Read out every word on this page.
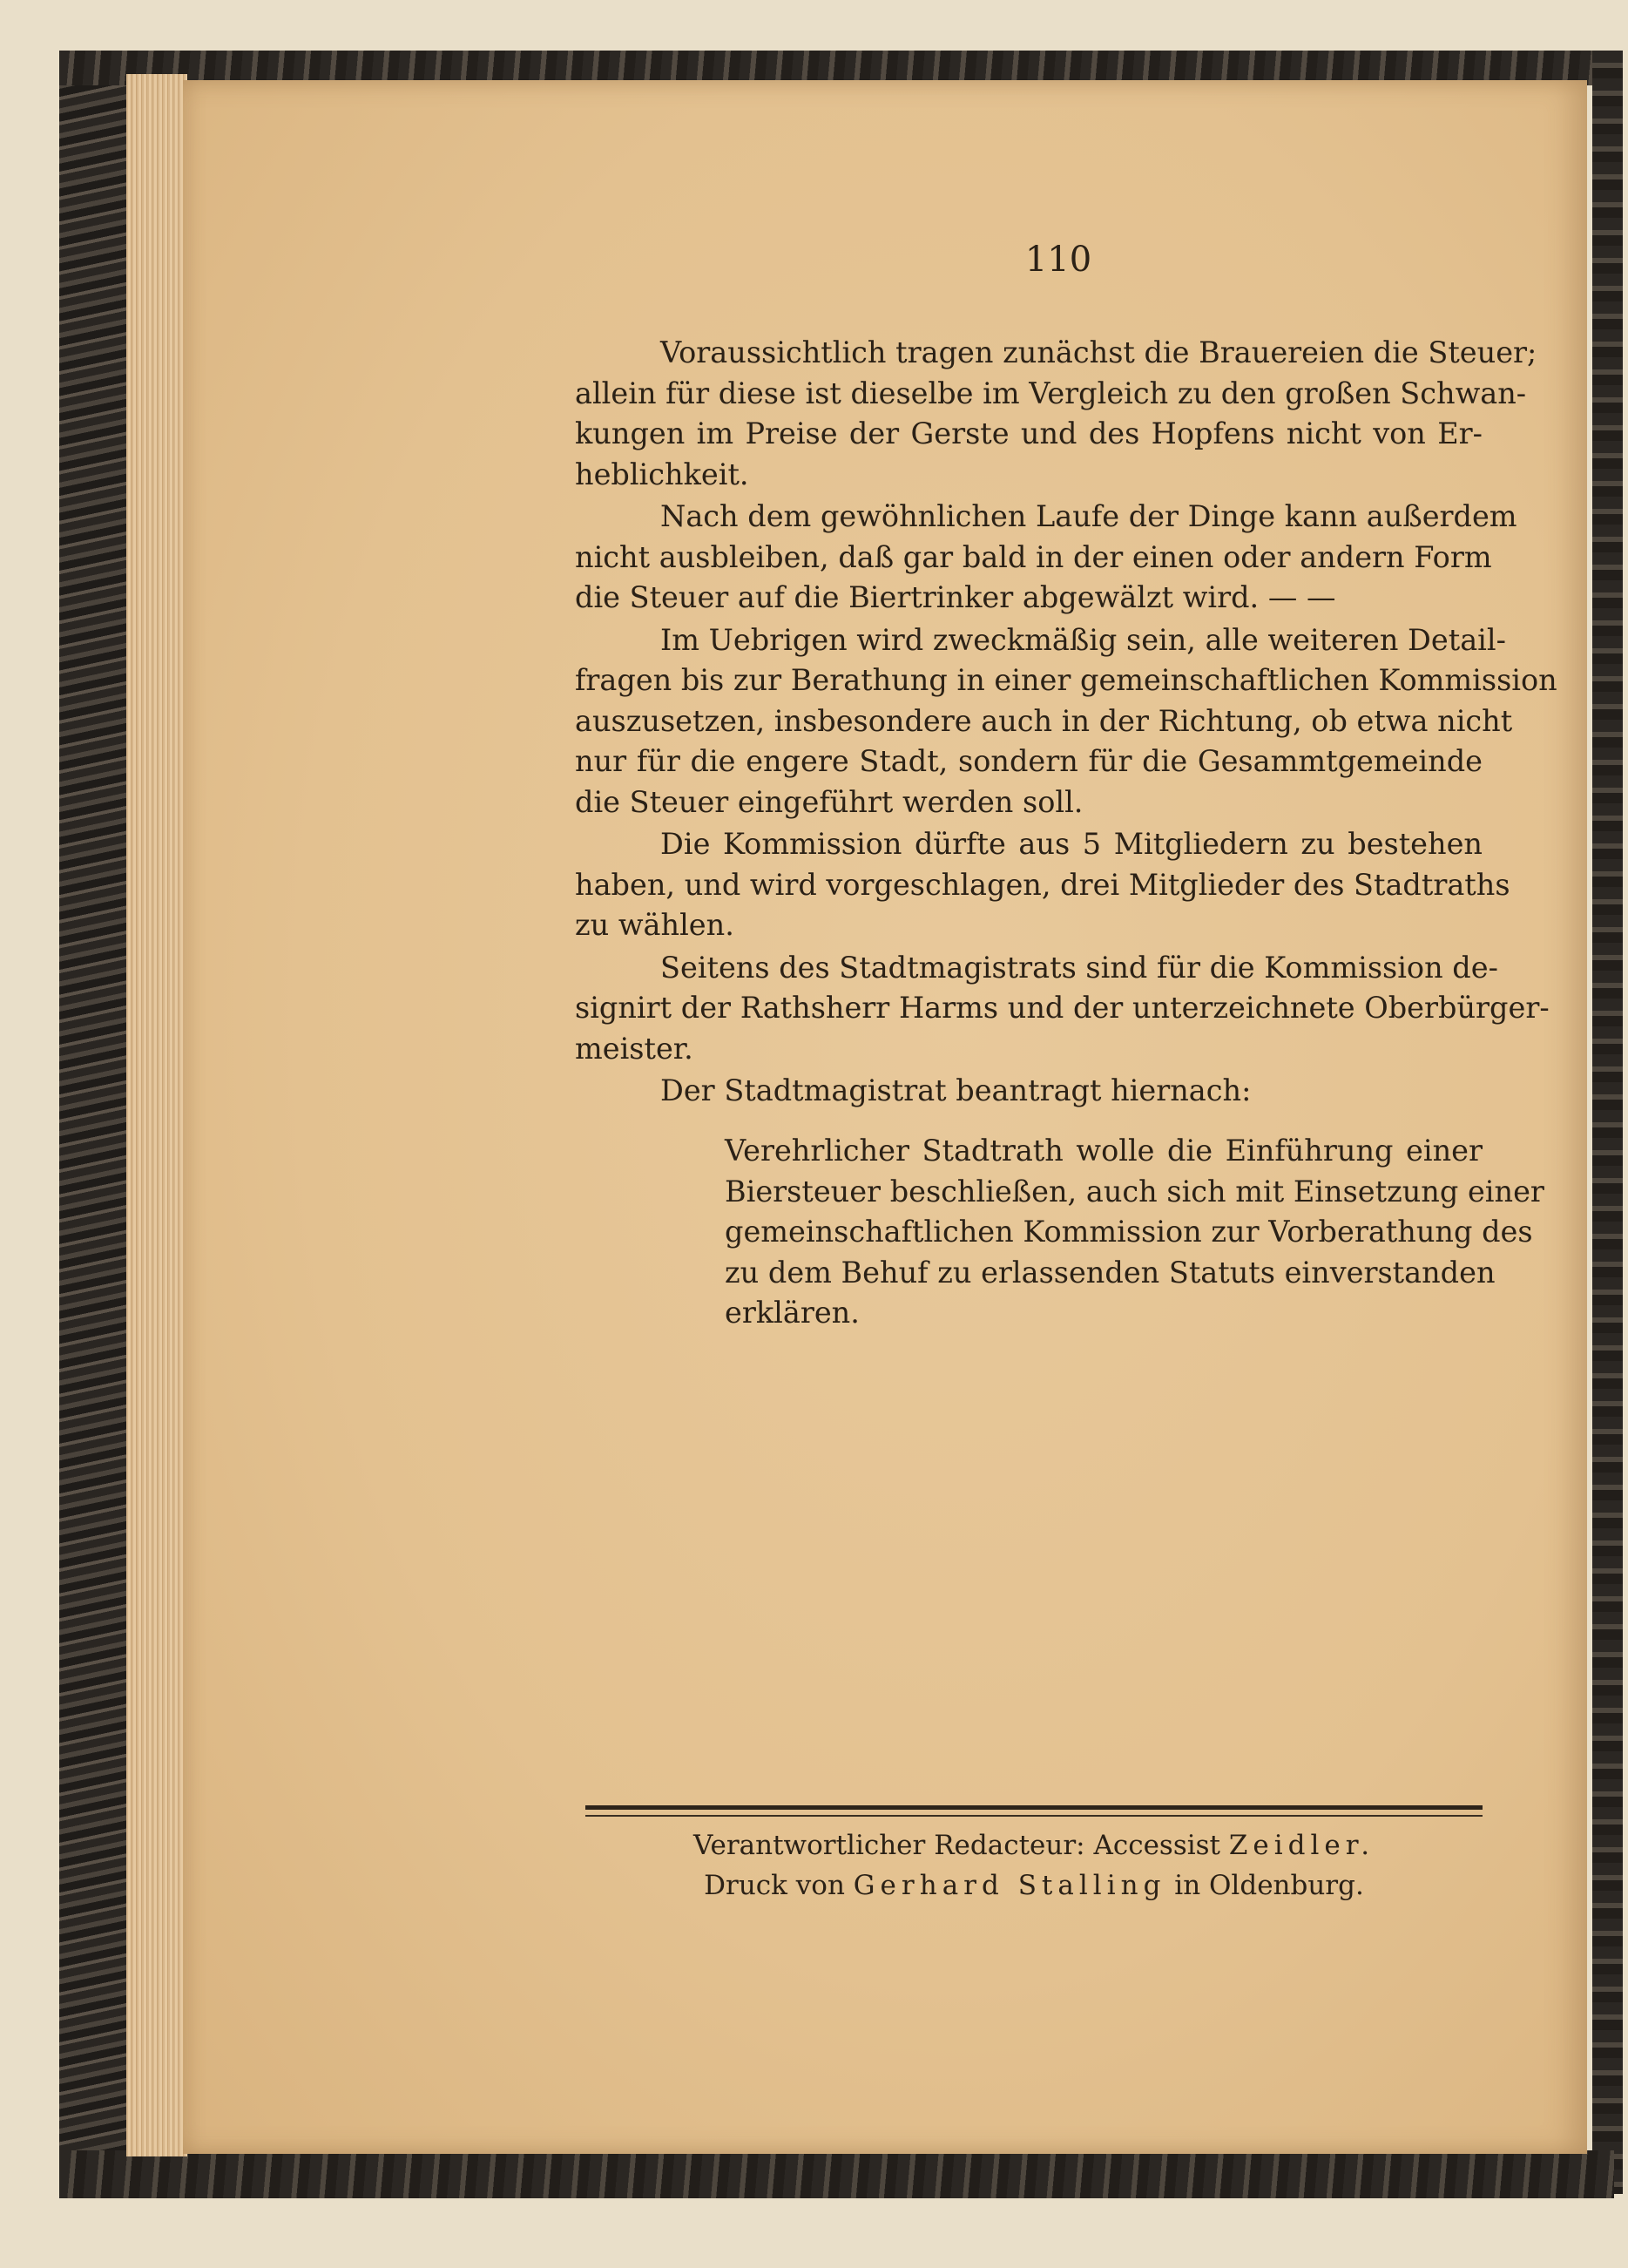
110

Voraussichtlich tragen zunächst die Brauereien die Steuer;
allein für diese ist dieselbe im Vergleich zu den großen Schwan-
kungen im Preise der Gerste und des Hopfens nicht von Er-
heblichkeit.

Nach dem gewöhnlichen Laufe der Dinge kann außerdem
nicht ausbleiben, daß gar bald in der einen oder andern Form
die Steuer auf die Biertrinker abgewälzt wird. — —

Im Uebrigen wird zweckmäßig sein, alle weiteren Detail-
fragen bis zur Berathung in einer gemeinschaftlichen Kommission
auszusetzen, insbesondere auch in der Richtung, ob etwa nicht
nur für die engere Stadt, sondern für die Gesammtgemeinde
die Steuer eingeführt werden soll.

Die Kommission dürfte aus 5 Mitgliedern zu bestehen
haben, und wird vorgeschlagen, drei Mitglieder des Stadtraths
zu wählen.

Seitens des Stadtmagistrats sind für die Kommission de-
signirt der Rathsherr Harms und der unterzeichnete Oberbürger-
meister.

Der Stadtmagistrat beantragt hiernach:

Verehrlicher Stadtrath wolle die Einführung einer
Biersteuer beschließen, auch sich mit Einsetzung einer
gemeinschaftlichen Kommission zur Vorberathung des
zu dem Behuf zu erlassenden Statuts einverstanden
erklären.

Verantwortlicher Redacteur: Accessist Zeidler.
Druck von Gerhard Stalling in Oldenburg.
